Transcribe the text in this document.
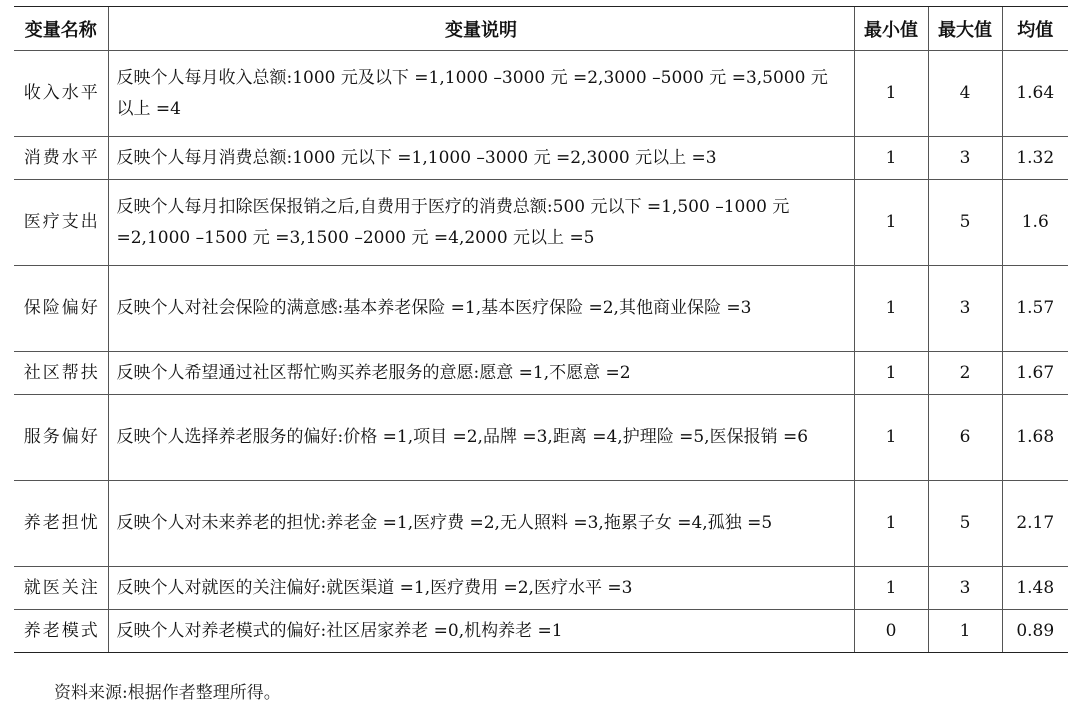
变量名称	变量说明	最小值	最大值	均值
收入水平	反映个人每月收入总额:1000 元及以下 =1,1000 –3000 元 =2,3000 –5000 元 =3,5000 元以上 =4	1	4	1.64
消费水平	反映个人每月消费总额:1000 元以下 =1,1000 –3000 元 =2,3000 元以上 =3	1	3	1.32
医疗支出	反映个人每月扣除医保报销之后,自费用于医疗的消费总额:500 元以下 =1,500 –1000 元 =2,1000 –1500 元 =3,1500 –2000 元 =4,2000 元以上 =5	1	5	1.6
保险偏好	反映个人对社会保险的满意感:基本养老保险 =1,基本医疗保险 =2,其他商业保险 =3	1	3	1.57
社区帮扶	反映个人希望通过社区帮忙购买养老服务的意愿:愿意 =1,不愿意 =2	1	2	1.67
服务偏好	反映个人选择养老服务的偏好:价格 =1,项目 =2,品牌 =3,距离 =4,护理险 =5,医保报销 =6	1	6	1.68
养老担忧	反映个人对未来养老的担忧:养老金 =1,医疗费 =2,无人照料 =3,拖累子女 =4,孤独 =5	1	5	2.17
就医关注	反映个人对就医的关注偏好:就医渠道 =1,医疗费用 =2,医疗水平 =3	1	3	1.48
养老模式	反映个人对养老模式的偏好:社区居家养老 =0,机构养老 =1	0	1	0.89
资料来源:根据作者整理所得。
